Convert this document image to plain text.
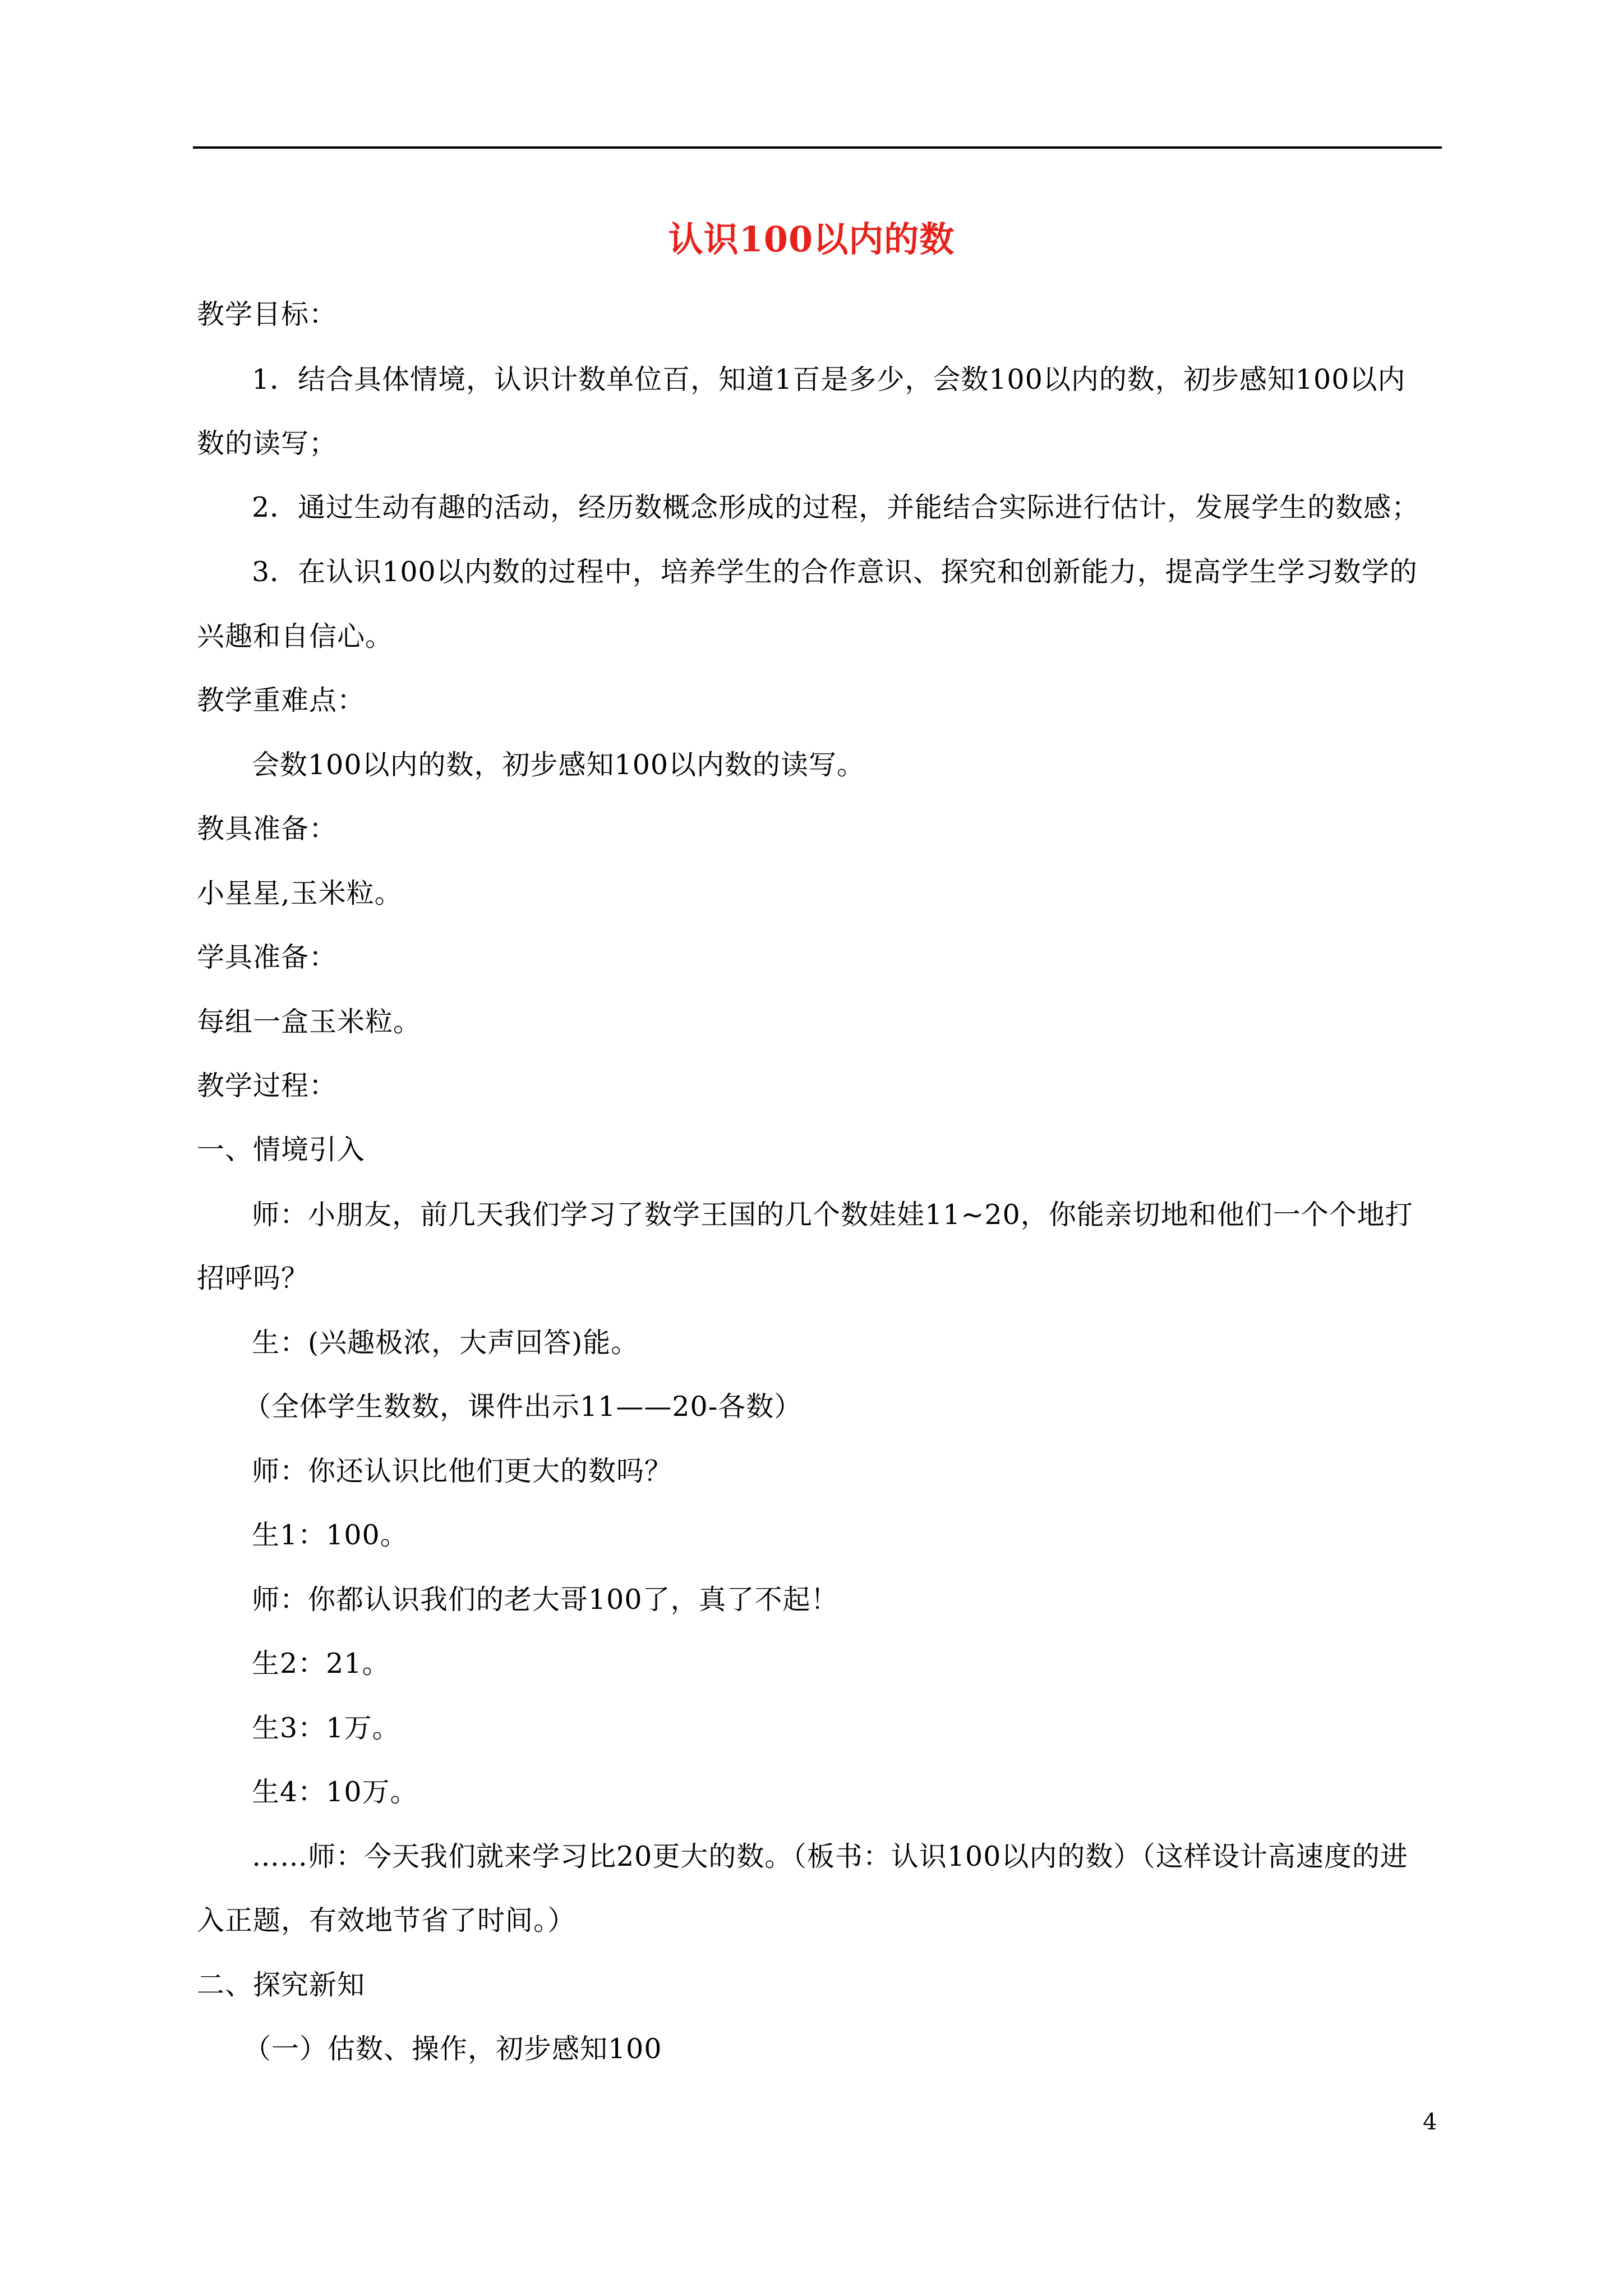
认识100以内的数
教学目标：
1．结合具体情境，认识计数单位百，知道1百是多少，会数100以内的数，初步感知100以内
数的读写；
2．通过生动有趣的活动，经历数概念形成的过程，并能结合实际进行估计，发展学生的数感；
3．在认识100以内数的过程中，培养学生的合作意识、探究和创新能力，提高学生学习数学的
兴趣和自信心。
教学重难点：
会数100以内的数，初步感知100以内数的读写。
教具准备：
小星星,玉米粒。
学具准备：
每组一盒玉米粒。
教学过程：
一、情境引入
师：小朋友，前几天我们学习了数学王国的几个数娃娃11~20，你能亲切地和他们一个个地打
招呼吗？
生：(兴趣极浓，大声回答)能。
（全体学生数数，课件出示11——20-各数）
师：你还认识比他们更大的数吗？
生1：100。
师：你都认识我们的老大哥100了，真了不起！
生2：21。
生3：1万。
生4：10万。
……师：今天我们就来学习比20更大的数。（板书：认识100以内的数）（这样设计高速度的进
入正题，有效地节省了时间。）
二、探究新知
（一）估数、操作，初步感知100
4
